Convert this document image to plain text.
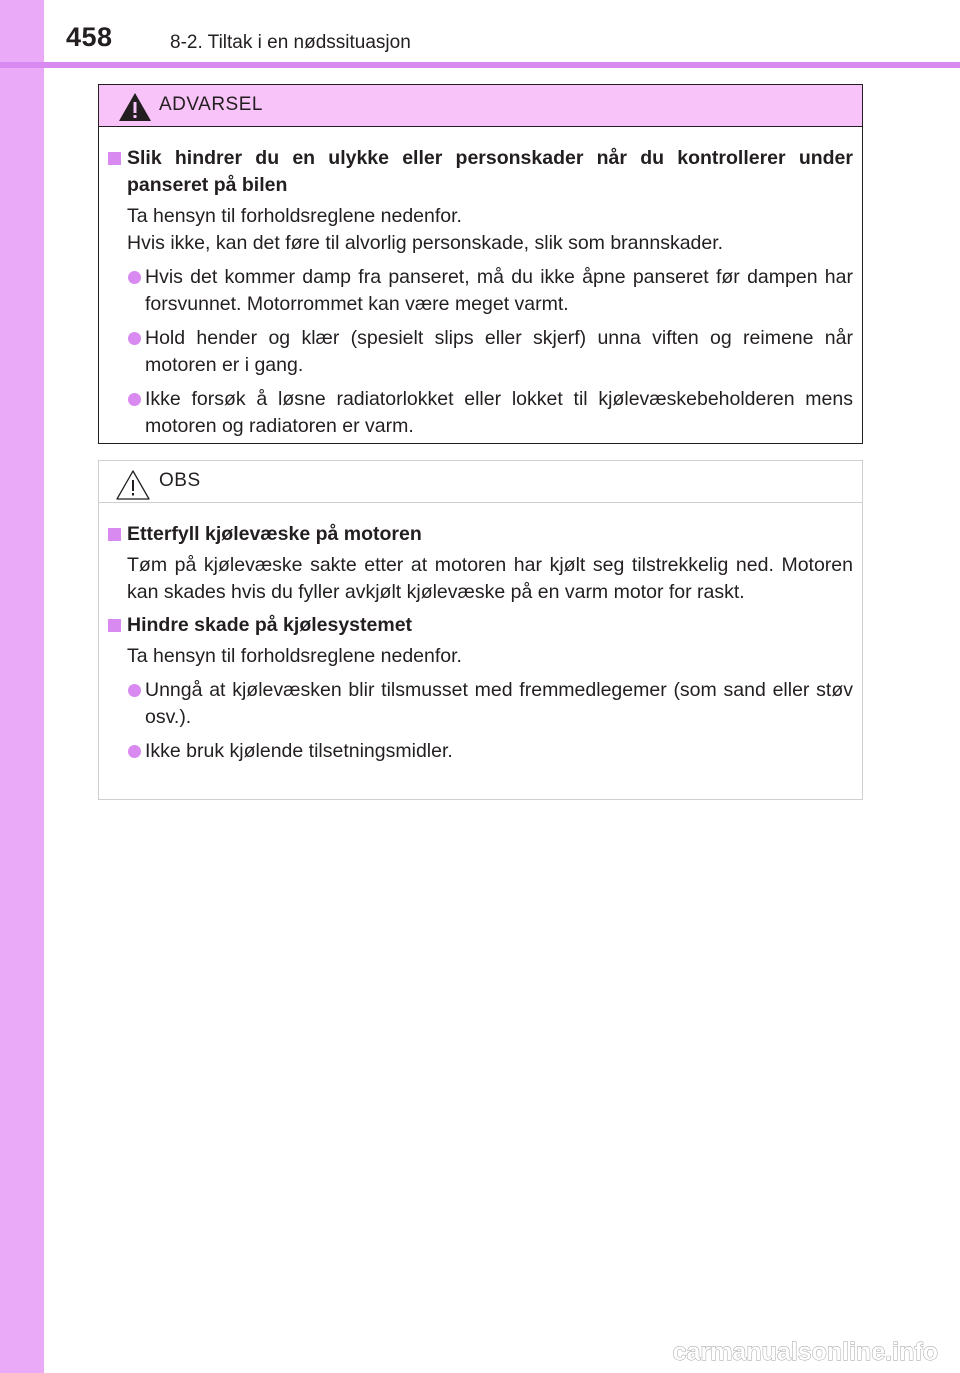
458	8-2. Tiltak i en nødssituasjon
ADVARSEL
Slik hindrer du en ulykke eller personskader når du kontrollerer under panseret på bilen
Ta hensyn til forholdsreglene nedenfor.
Hvis ikke, kan det føre til alvorlig personskade, slik som brannskader.
Hvis det kommer damp fra panseret, må du ikke åpne panseret før dampen har forsvunnet. Motorrommet kan være meget varmt.
Hold hender og klær (spesielt slips eller skjerf) unna viften og reimene når motoren er i gang.
Ikke forsøk å løsne radiatorlokket eller lokket til kjølevæskebeholderen mens motoren og radiatoren er varm.
OBS
Etterfyll kjølevæske på motoren
Tøm på kjølevæske sakte etter at motoren har kjølt seg tilstrekkelig ned. Motoren kan skades hvis du fyller avkjølt kjølevæske på en varm motor for raskt.
Hindre skade på kjølesystemet
Ta hensyn til forholdsreglene nedenfor.
Unngå at kjølevæsken blir tilsmusset med fremmedlegemer (som sand eller støv osv.).
Ikke bruk kjølende tilsetningsmidler.
carmanualsonline.info
